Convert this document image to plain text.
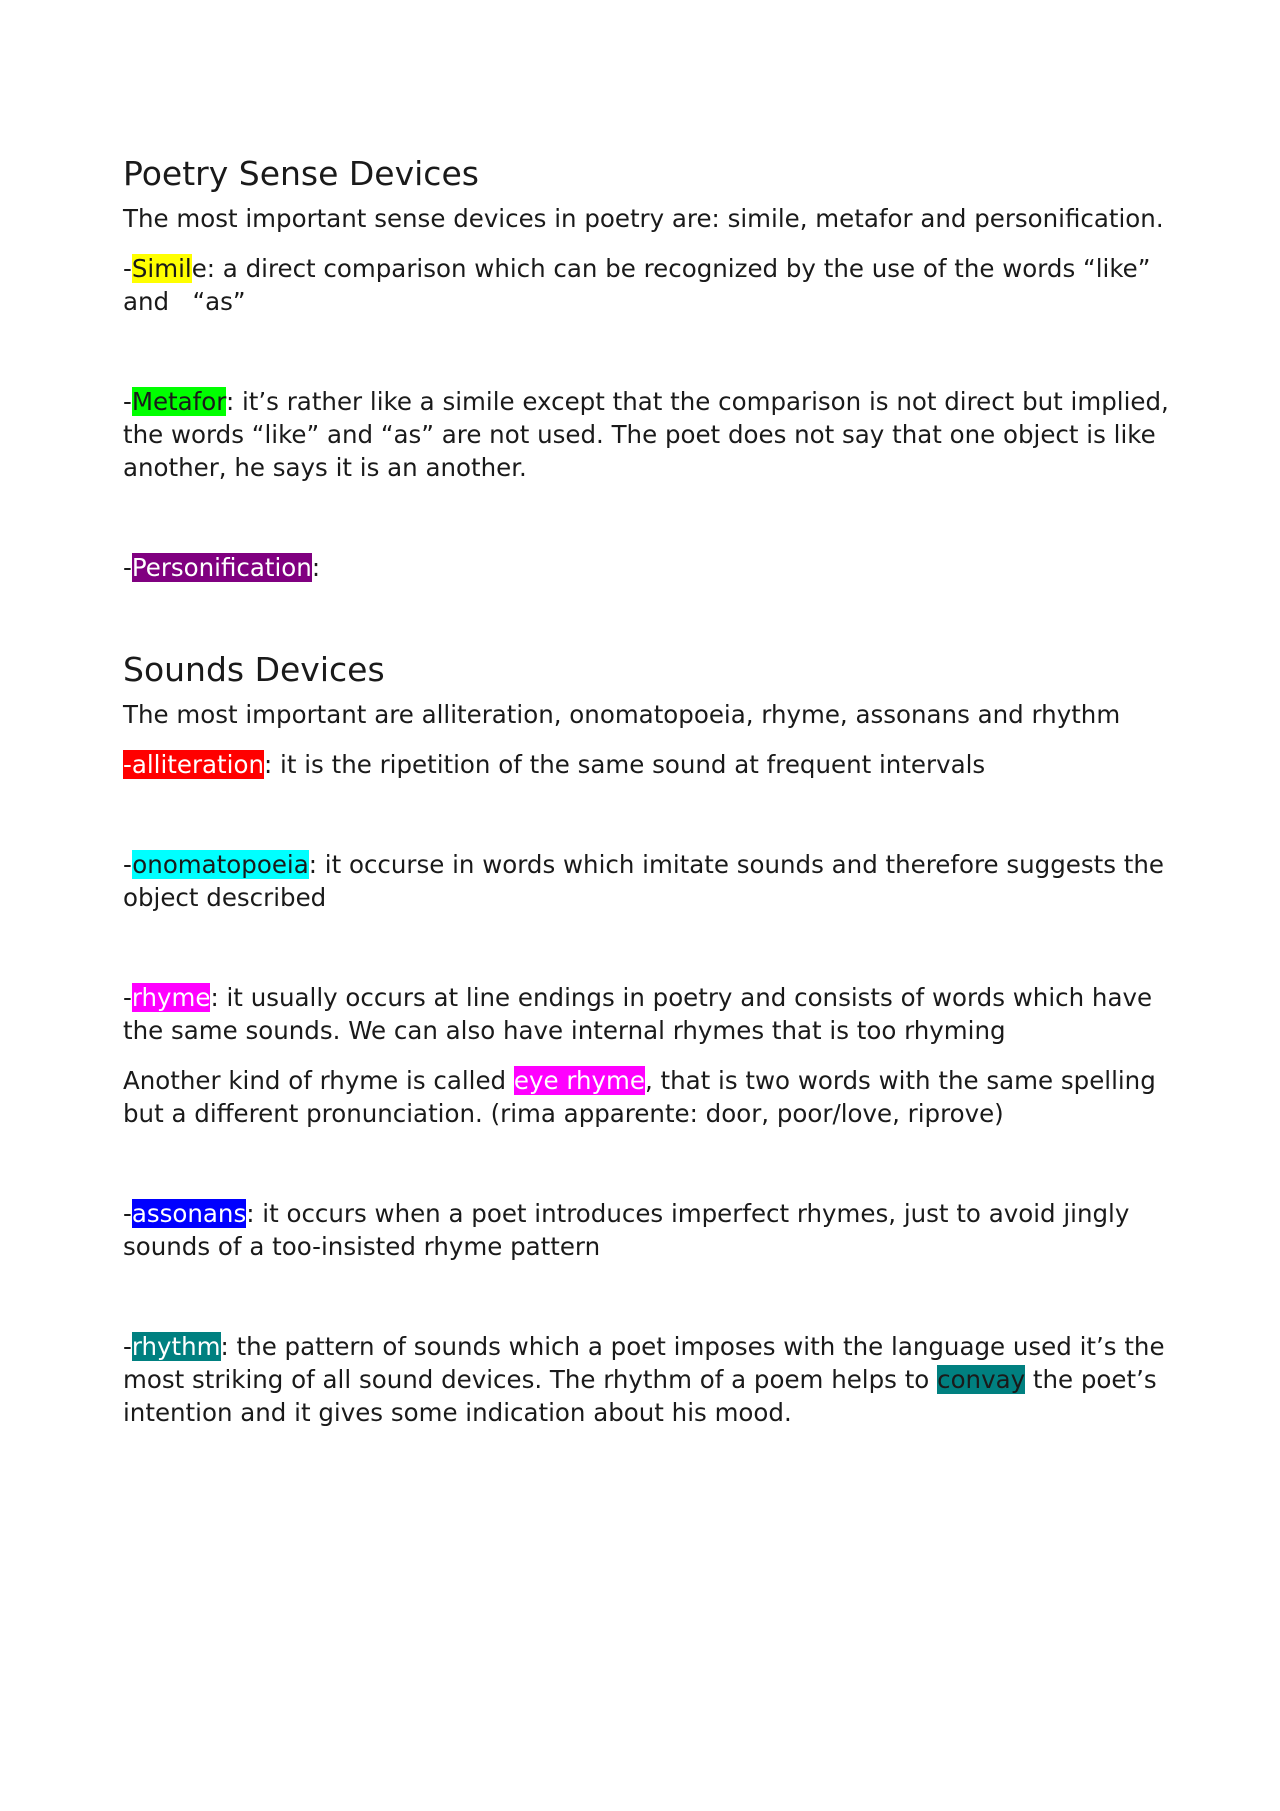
Poetry Sense Devices

The most important sense devices in poetry are: simile, metafor and personification.

-Simile: a direct comparison which can be recognized by the use of the words “like” and   “as”

-Metafor: it’s rather like a simile except that the comparison is not direct but implied, the words “like” and “as” are not used. The poet does not say that one object is like another, he says it is an another.

-Personification:

Sounds Devices

The most important are alliteration, onomatopoeia, rhyme, assonans and rhythm

-alliteration: it is the ripetition of the same sound at frequent intervals

-onomatopoeia: it occurse in words which imitate sounds and therefore suggests the object described

-rhyme: it usually occurs at line endings in poetry and consists of words which have the same sounds. We can also have internal rhymes that is too rhyming

Another kind of rhyme is called eye rhyme, that is two words with the same spelling but a different pronunciation. (rima apparente: door, poor/love, riprove)

-assonans: it occurs when a poet introduces imperfect rhymes, just to avoid jingly sounds of a too-insisted rhyme pattern

-rhythm: the pattern of sounds which a poet imposes with the language used it’s the most striking of all sound devices. The rhythm of a poem helps to convay the poet’s intention and it gives some indication about his mood.
